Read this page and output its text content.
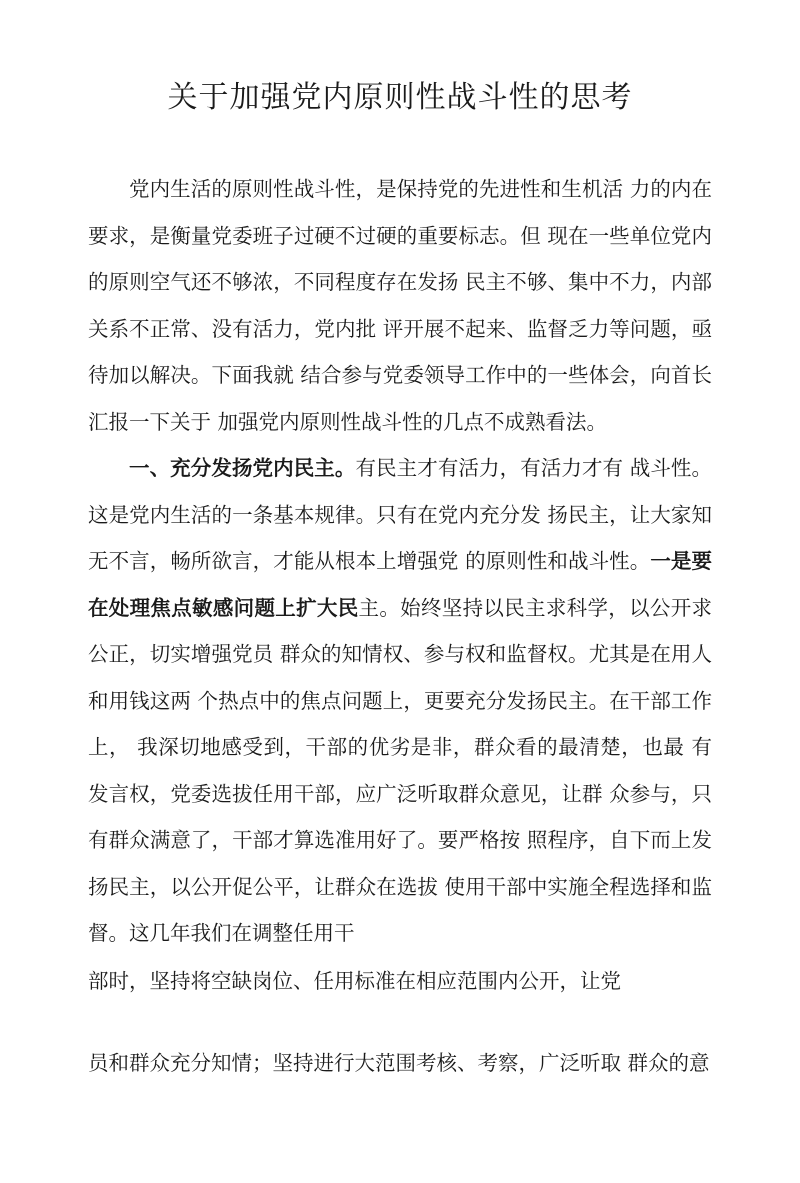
关于加强党内原则性战斗性的思考

党内生活的原则性战斗性，是保持党的先进性和生机活 力的内在要求，是衡量党委班子过硬不过硬的重要标志。但 现在一些单位党内的原则空气还不够浓，不同程度存在发扬 民主不够、集中不力，内部关系不正常、没有活力，党内批 评开展不起来、监督乏力等问题，亟待加以解决。下面我就 结合参与党委领导工作中的一些体会，向首长汇报一下关于 加强党内原则性战斗性的几点不成熟看法。

一、充分发扬党内民主。有民主才有活力，有活力才有 战斗性。这是党内生活的一条基本规律。只有在党内充分发 扬民主，让大家知无不言，畅所欲言，才能从根本上增强党 的原则性和战斗性。一是要在处理焦点敏感问题上扩大民主。始终坚持以民主求科学，以公开求公正，切实增强党员 群众的知情权、参与权和监督权。尤其是在用人和用钱这两 个热点中的焦点问题上，更要充分发扬民主。在干部工作上， 我深切地感受到，干部的优劣是非，群众看的最清楚，也最 有发言权，党委选拔任用干部，应广泛听取群众意见，让群 众参与，只有群众满意了，干部才算选准用好了。要严格按 照程序，自下而上发扬民主，以公开促公平，让群众在选拔 使用干部中实施全程选择和监督。这几年我们在调整任用干

部时，坚持将空缺岗位、任用标准在相应范围内公开，让党

员和群众充分知情；坚持进行大范围考核、考察，广泛听取 群众的意
